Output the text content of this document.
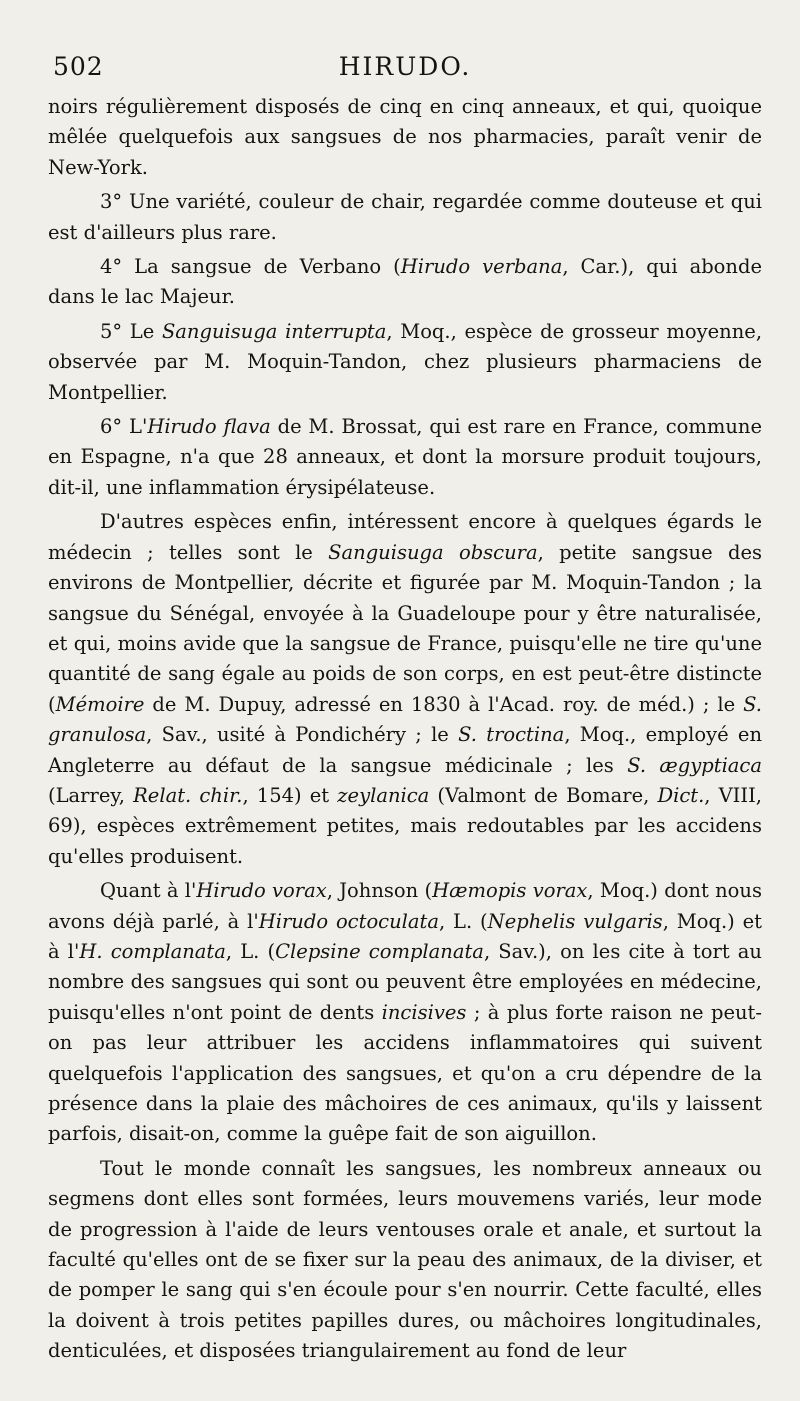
502	HIRUDO.

noirs régulièrement disposés de cinq en cinq anneaux, et qui, quoique mêlée quelquefois aux sangsues de nos pharmacies, paraît venir de New-York.

3° Une variété, couleur de chair, regardée comme douteuse et qui est d'ailleurs plus rare.

4° La sangsue de Verbano (Hirudo verbana, Car.), qui abonde dans le lac Majeur.

5° Le Sanguisuga interrupta, Moq., espèce de grosseur moyenne, observée par M. Moquin-Tandon, chez plusieurs pharmaciens de Montpellier.

6° L'Hirudo flava de M. Brossat, qui est rare en France, commune en Espagne, n'a que 28 anneaux, et dont la morsure produit toujours, dit-il, une inflammation érysipélateuse.

D'autres espèces enfin, intéressent encore à quelques égards le médecin ; telles sont le Sanguisuga obscura, petite sangsue des environs de Montpellier, décrite et figurée par M. Moquin-Tandon ; la sangsue du Sénégal, envoyée à la Guadeloupe pour y être naturalisée, et qui, moins avide que la sangsue de France, puisqu'elle ne tire qu'une quantité de sang égale au poids de son corps, en est peut-être distincte (Mémoire de M. Dupuy, adressé en 1830 à l'Acad. roy. de méd.) ; le S. granulosa, Sav., usité à Pondichéry ; le S. troctina, Moq., employé en Angleterre au défaut de la sangsue médicinale ; les S. ægyptiaca (Larrey, Relat. chir., 154) et zeylanica (Valmont de Bomare, Dict., VIII, 69), espèces extrêmement petites, mais redoutables par les accidens qu'elles produisent.

Quant à l'Hirudo vorax, Johnson (Hæmopis vorax, Moq.) dont nous avons déjà parlé, à l'Hirudo octoculata, L. (Nephelis vulgaris, Moq.) et à l'H. complanata, L. (Clepsine complanata, Sav.), on les cite à tort au nombre des sangsues qui sont ou peuvent être employées en médecine, puisqu'elles n'ont point de dents incisives ; à plus forte raison ne peut-on pas leur attribuer les accidens inflammatoires qui suivent quelquefois l'application des sangsues, et qu'on a cru dépendre de la présence dans la plaie des mâchoires de ces animaux, qu'ils y laissent parfois, disait-on, comme la guêpe fait de son aiguillon.

Tout le monde connaît les sangsues, les nombreux anneaux ou segmens dont elles sont formées, leurs mouvemens variés, leur mode de progression à l'aide de leurs ventouses orale et anale, et surtout la faculté qu'elles ont de se fixer sur la peau des animaux, de la diviser, et de pomper le sang qui s'en écoule pour s'en nourrir. Cette faculté, elles la doivent à trois petites papilles dures, ou mâchoires longitudinales, denticulées, et disposées triangulairement au fond de leur
